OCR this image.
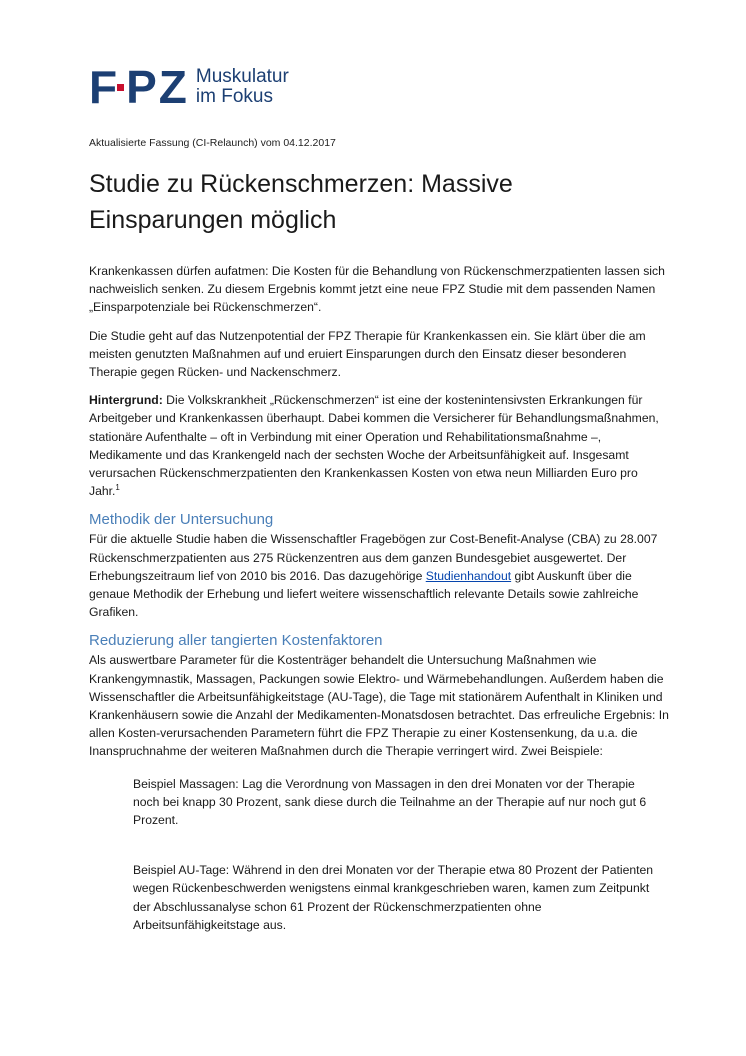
F P Z Muskulatur
im Fokus
Aktualisierte Fassung (CI-Relaunch) vom 04.12.2017
Studie zu Rückenschmerzen: Massive
Einsparungen möglich

Krankenkassen dürfen aufatmen: Die Kosten für die Behandlung von Rückenschmerzpatienten lassen sich nachweislich senken. Zu diesem Ergebnis kommt jetzt eine neue FPZ Studie mit dem passenden Namen „Einsparpotenziale bei Rückenschmerzen“.

Die Studie geht auf das Nutzenpotential der FPZ Therapie für Krankenkassen ein. Sie klärt über die am meisten genutzten Maßnahmen auf und eruiert Einsparungen durch den Einsatz dieser besonderen Therapie gegen Rücken- und Nackenschmerz.

Hintergrund: Die Volkskrankheit „Rückenschmerzen“ ist eine der kostenintensivsten Erkrankungen für Arbeitgeber und Krankenkassen überhaupt. Dabei kommen die Versicherer für Behandlungsmaßnahmen, stationäre Aufenthalte – oft in Verbindung mit einer Operation und Rehabilitationsmaßnahme –, Medikamente und das Krankengeld nach der sechsten Woche der Arbeitsunfähigkeit auf. Insgesamt verursachen Rückenschmerzpatienten den Krankenkassen Kosten von etwa neun Milliarden Euro pro Jahr.$^1$

Methodik der Untersuchung

Für die aktuelle Studie haben die Wissenschaftler Fragebögen zur Cost-Benefit-Analyse (CBA) zu 28.007 Rückenschmerzpatienten aus 275 Rückenzentren aus dem ganzen Bundesgebiet ausgewertet. Der Erhebungszeitraum lief von 2010 bis 2016. Das dazugehörige Studienhandout gibt Auskunft über die genaue Methodik der Erhebung und liefert weitere wissenschaftlich relevante Details sowie zahlreiche Grafiken.

Reduzierung aller tangierten Kostenfaktoren

Als auswertbare Parameter für die Kostenträger behandelt die Untersuchung Maßnahmen wie Krankengymnastik, Massagen, Packungen sowie Elektro- und Wärmebehandlungen. Außerdem haben die Wissenschaftler die Arbeitsunfähigkeitstage (AU-Tage), die Tage mit stationärem Aufenthalt in Kliniken und Krankenhäusern sowie die Anzahl der Medikamenten-Monatsdosen betrachtet. Das erfreuliche Ergebnis: In allen Kosten-verursachenden Parametern führt die FPZ Therapie zu einer Kostensenkung, da u.a. die Inanspruchnahme der weiteren Maßnahmen durch die Therapie verringert wird. Zwei Beispiele:

Beispiel Massagen: Lag die Verordnung von Massagen in den drei Monaten vor der Therapie noch bei knapp 30 Prozent, sank diese durch die Teilnahme an der Therapie auf nur noch gut 6 Prozent.

Beispiel AU-Tage: Während in den drei Monaten vor der Therapie etwa 80 Prozent der Patienten wegen Rückenbeschwerden wenigstens einmal krankgeschrieben waren, kamen zum Zeitpunkt der Abschlussanalyse schon 61 Prozent der Rückenschmerzpatienten ohne Arbeitsunfähigkeitstage aus.
